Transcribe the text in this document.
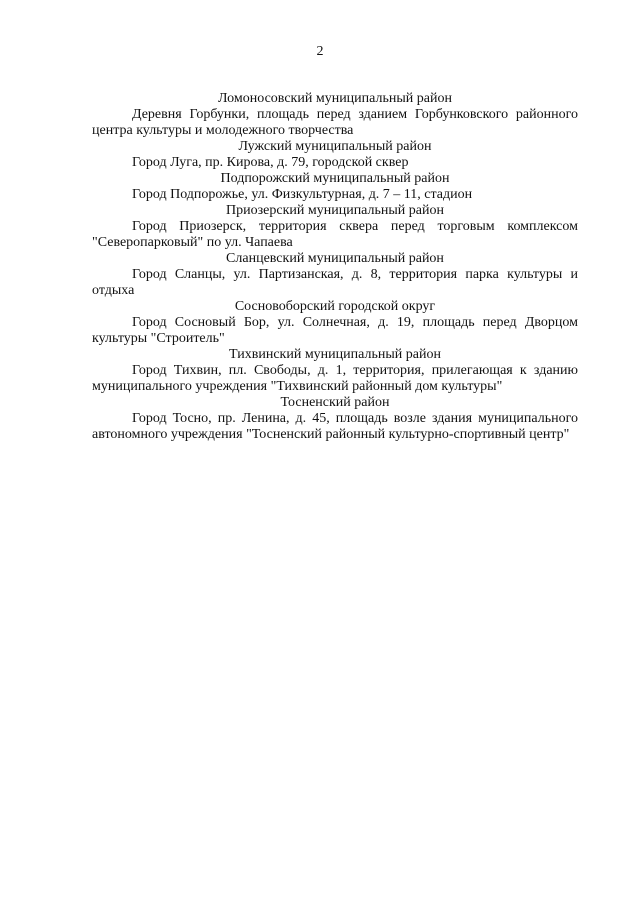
2

Ломоносовский муниципальный район

Деревня Горбунки, площадь перед зданием Горбунковского районного центра культуры и молодежного творчества

Лужский муниципальный район

Город Луга, пр. Кирова, д. 79, городской сквер

Подпорожский муниципальный район

Город Подпорожье, ул. Физкультурная, д. 7 – 11, стадион

Приозерский муниципальный район

Город Приозерск, территория сквера перед торговым комплексом "Северопарковый" по ул. Чапаева

Сланцевский муниципальный район

Город Сланцы, ул. Партизанская, д. 8, территория парка культуры и отдыха

Сосновоборский городской округ

Город Сосновый Бор, ул. Солнечная, д. 19, площадь перед Дворцом культуры "Строитель"

Тихвинский муниципальный район

Город Тихвин, пл. Свободы, д. 1, территория, прилегающая к зданию муниципального учреждения "Тихвинский районный дом культуры"

Тосненский район

Город Тосно, пр. Ленина, д. 45, площадь возле здания муниципального автономного учреждения "Тосненский районный культурно-спортивный центр"
